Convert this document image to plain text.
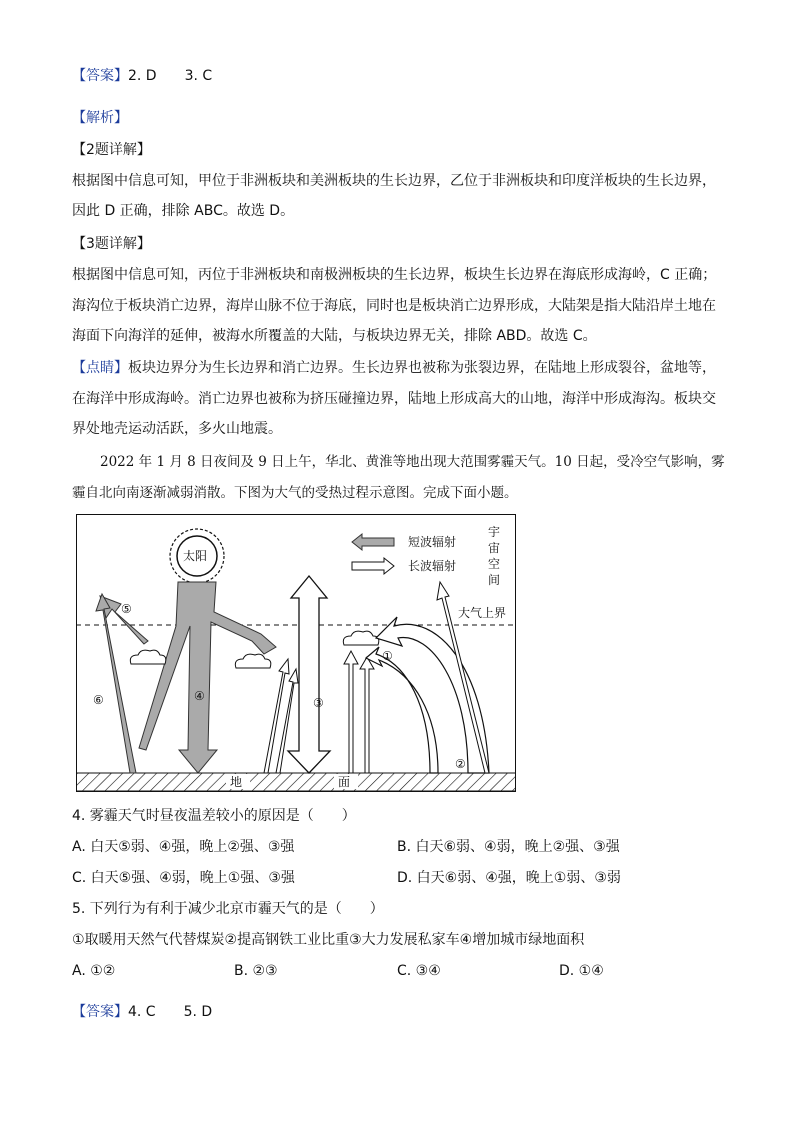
【答案】2. D　　3. C
【解析】
【2题详解】
根据图中信息可知，甲位于非洲板块和美洲板块的生长边界，乙位于非洲板块和印度洋板块的生长边界，
因此 D 正确，排除 ABC。故选 D。
【3题详解】
根据图中信息可知，丙位于非洲板块和南极洲板块的生长边界，板块生长边界在海底形成海岭，C 正确；
海沟位于板块消亡边界，海岸山脉不位于海底，同时也是板块消亡边界形成，大陆架是指大陆沿岸土地在
海面下向海洋的延伸，被海水所覆盖的大陆，与板块边界无关，排除 ABD。故选 C。
【点睛】板块边界分为生长边界和消亡边界。生长边界也被称为张裂边界，在陆地上形成裂谷，盆地等，
在海洋中形成海岭。消亡边界也被称为挤压碰撞边界，陆地上形成高大的山地，海洋中形成海沟。板块交
界处地壳运动活跃，多火山地震。
2022 年 1 月 8 日夜间及 9 日上午，华北、黄淮等地出现大范围雾霾天气。10 日起，受冷空气影响，雾
霾自北向南逐渐减弱消散。下图为大气的受热过程示意图。完成下面小题。
地	面
大气上界
太阳
短波辐射
长波辐射
宇
宙
空
间
①
②
③
④
⑤
⑥
4. 雾霾天气时昼夜温差较小的原因是（　　）
A. 白天⑤弱、④强，晚上②强、③强	B. 白天⑥弱、④弱，晚上②强、③强
C. 白天⑤强、④弱，晚上①强、③强	D. 白天⑥弱、④强，晚上①弱、③弱
5. 下列行为有利于减少北京市霾天气的是（　　）
①取暖用天然气代替煤炭②提高钢铁工业比重③大力发展私家车④增加城市绿地面积
A. ①②	B. ②③	C. ③④	D. ①④
【答案】4. C　　5. D
